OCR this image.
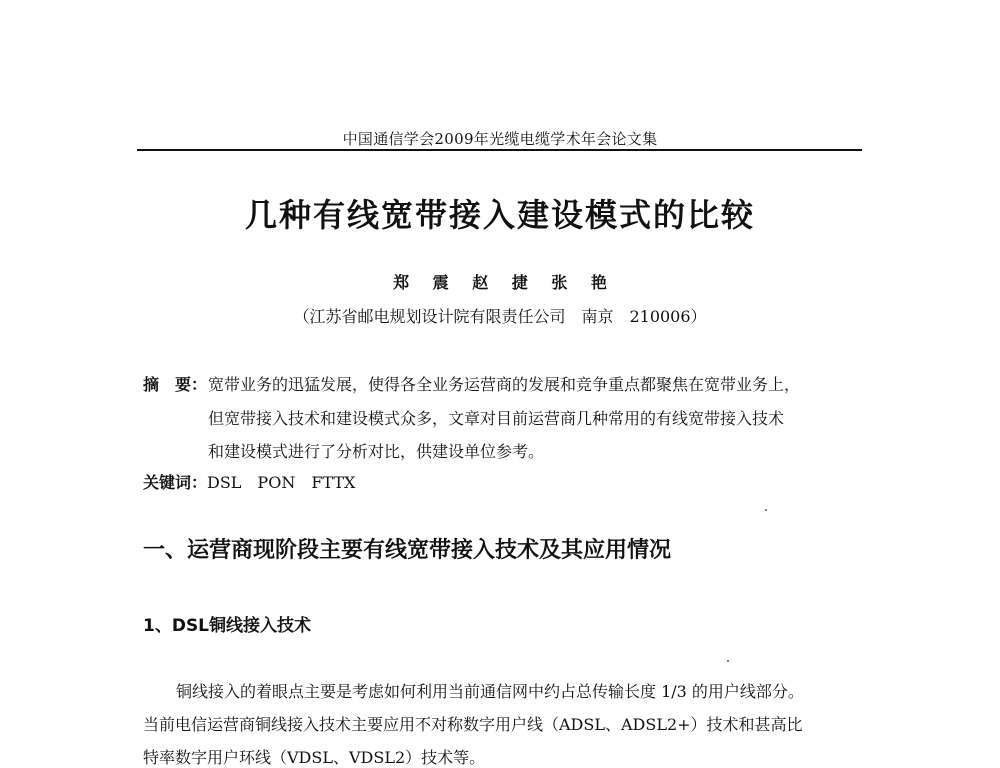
中国通信学会2009年光缆电缆学术年会论文集
几种有线宽带接入建设模式的比较
郑 震 赵 捷 张 艳
（江苏省邮电规划设计院有限责任公司　南京　210006）
摘　要： 宽带业务的迅猛发展，使得各全业务运营商的发展和竞争重点都聚焦在宽带业务上，
但宽带接入技术和建设模式众多，文章对目前运营商几种常用的有线宽带接入技术
和建设模式进行了分析对比，供建设单位参考。
关键词：DSL　PON　FTTX
一、运营商现阶段主要有线宽带接入技术及其应用情况
1、DSL铜线接入技术
铜线接入的着眼点主要是考虑如何利用当前通信网中约占总传输长度 1/3 的用户线部分。
当前电信运营商铜线接入技术主要应用不对称数字用户线（ADSL、ADSL2+）技术和甚高比
特率数字用户环线（VDSL、VDSL2）技术等。
